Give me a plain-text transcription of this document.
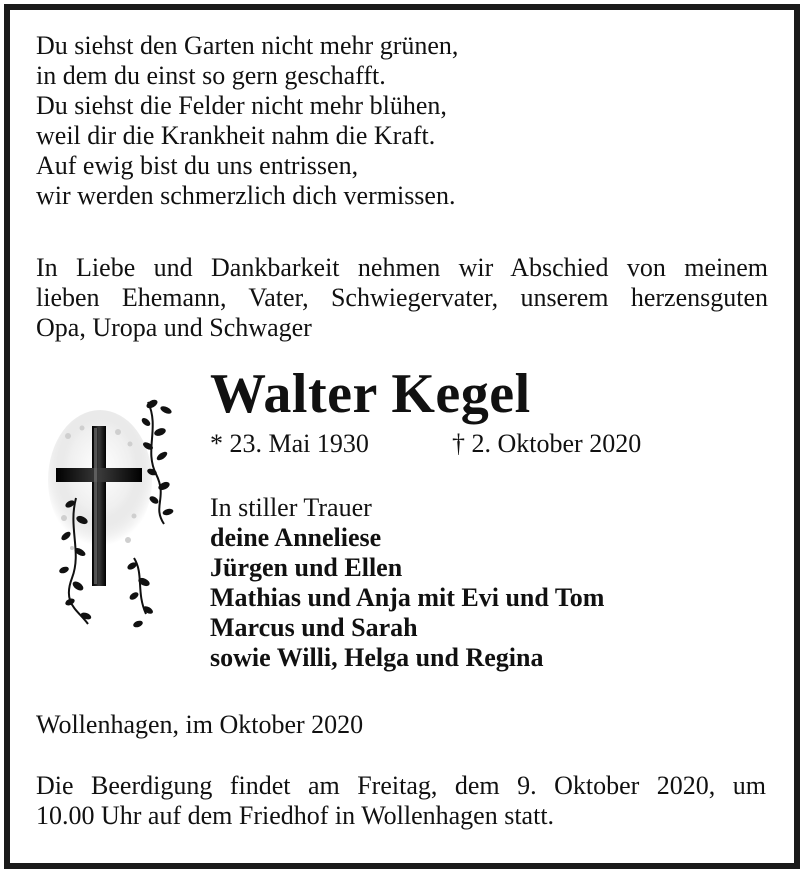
Du siehst den Garten nicht mehr grünen,
in dem du einst so gern geschafft.
Du siehst die Felder nicht mehr blühen,
weil dir die Krankheit nahm die Kraft.
Auf ewig bist du uns entrissen,
wir werden schmerzlich dich vermissen.
In Liebe und Dankbarkeit nehmen wir Abschied von meinem
lieben Ehemann, Vater, Schwiegervater, unserem herzensguten
Opa, Uropa und Schwager
Walter Kegel
* 23. Mai 1930	† 2. Oktober 2020
In stiller Trauer
deine Anneliese
Jürgen und Ellen
Mathias und Anja mit Evi und Tom
Marcus und Sarah
sowie Willi, Helga und Regina
Wollenhagen, im Oktober 2020
Die Beerdigung findet am Freitag, dem 9. Oktober 2020, um
10.00 Uhr auf dem Friedhof in Wollenhagen statt.
